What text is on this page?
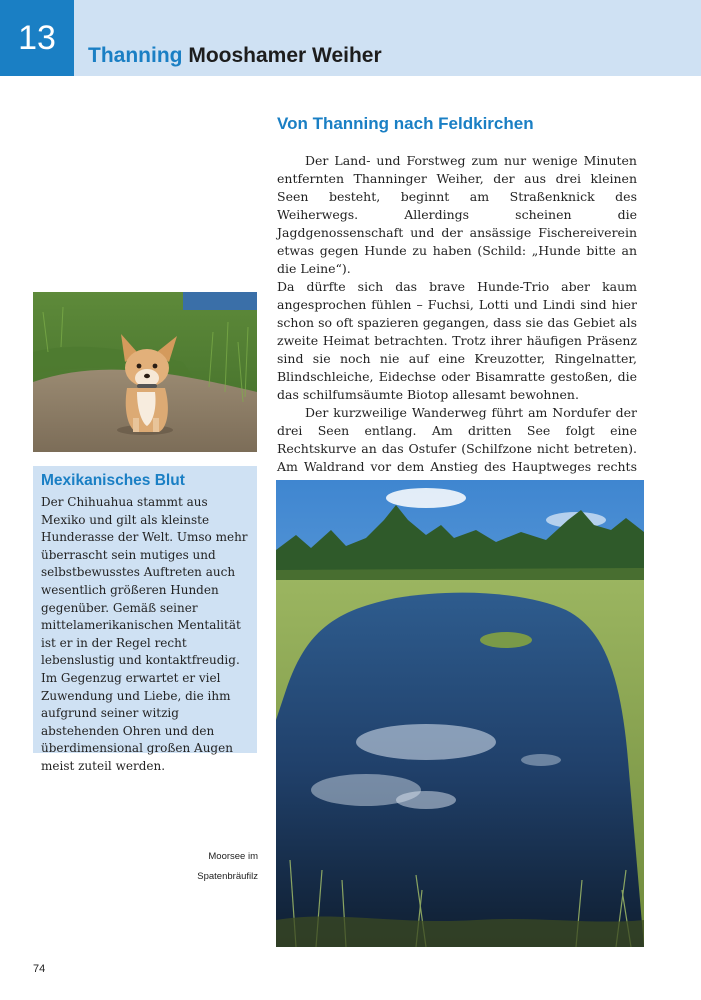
13 Thanning Mooshamer Weiher
Von Thanning nach Feldkirchen

Der Land- und Forstweg zum nur wenige Minuten entfernten Thanninger Weiher, der aus drei kleinen Seen besteht, beginnt am Straßenknick des Weiherwegs. Allerdings scheinen die Jagdgenossenschaft und der ansässige Fischereiverein etwas gegen Hunde zu haben (Schild: „Hunde bitte an die Leine“).

Da dürfte sich das brave Hunde-Trio aber kaum angesprochen fühlen – Fuchsi, Lotti und Lindi sind hier schon so oft spazieren gegangen, dass sie das Gebiet als zweite Heimat betrachten. Trotz ihrer häufigen Präsenz sind sie noch nie auf eine Kreuzotter, Ringelnatter, Blindschleiche, Eidechse oder Bisamratte gestoßen, die das schilfumsäumte Biotop allesamt bewohnen.

Der kurzweilige Wanderweg führt am Nordufer der drei Seen entlang. Am dritten See folgt eine Rechtskurve an das Ostufer (Schilfzone nicht betreten). Am Waldrand vor dem Anstieg des Hauptweges rechts

Mexikanisches Blut
Der Chihuahua stammt aus Mexiko und gilt als kleinste Hunderasse der Welt. Umso mehr überrascht sein mutiges und selbstbewusstes Auftreten auch wesentlich größeren Hunden gegenüber. Gemäß seiner mittelamerikanischen Mentalität ist er in der Regel recht lebenslustig und kontaktfreudig. Im Gegenzug erwartet er viel Zuwendung und Liebe, die ihm aufgrund seiner witzig abstehenden Ohren und den überdimensional großen Augen meist zuteil werden.
Moorsee im
Spatenbräufilz
74
